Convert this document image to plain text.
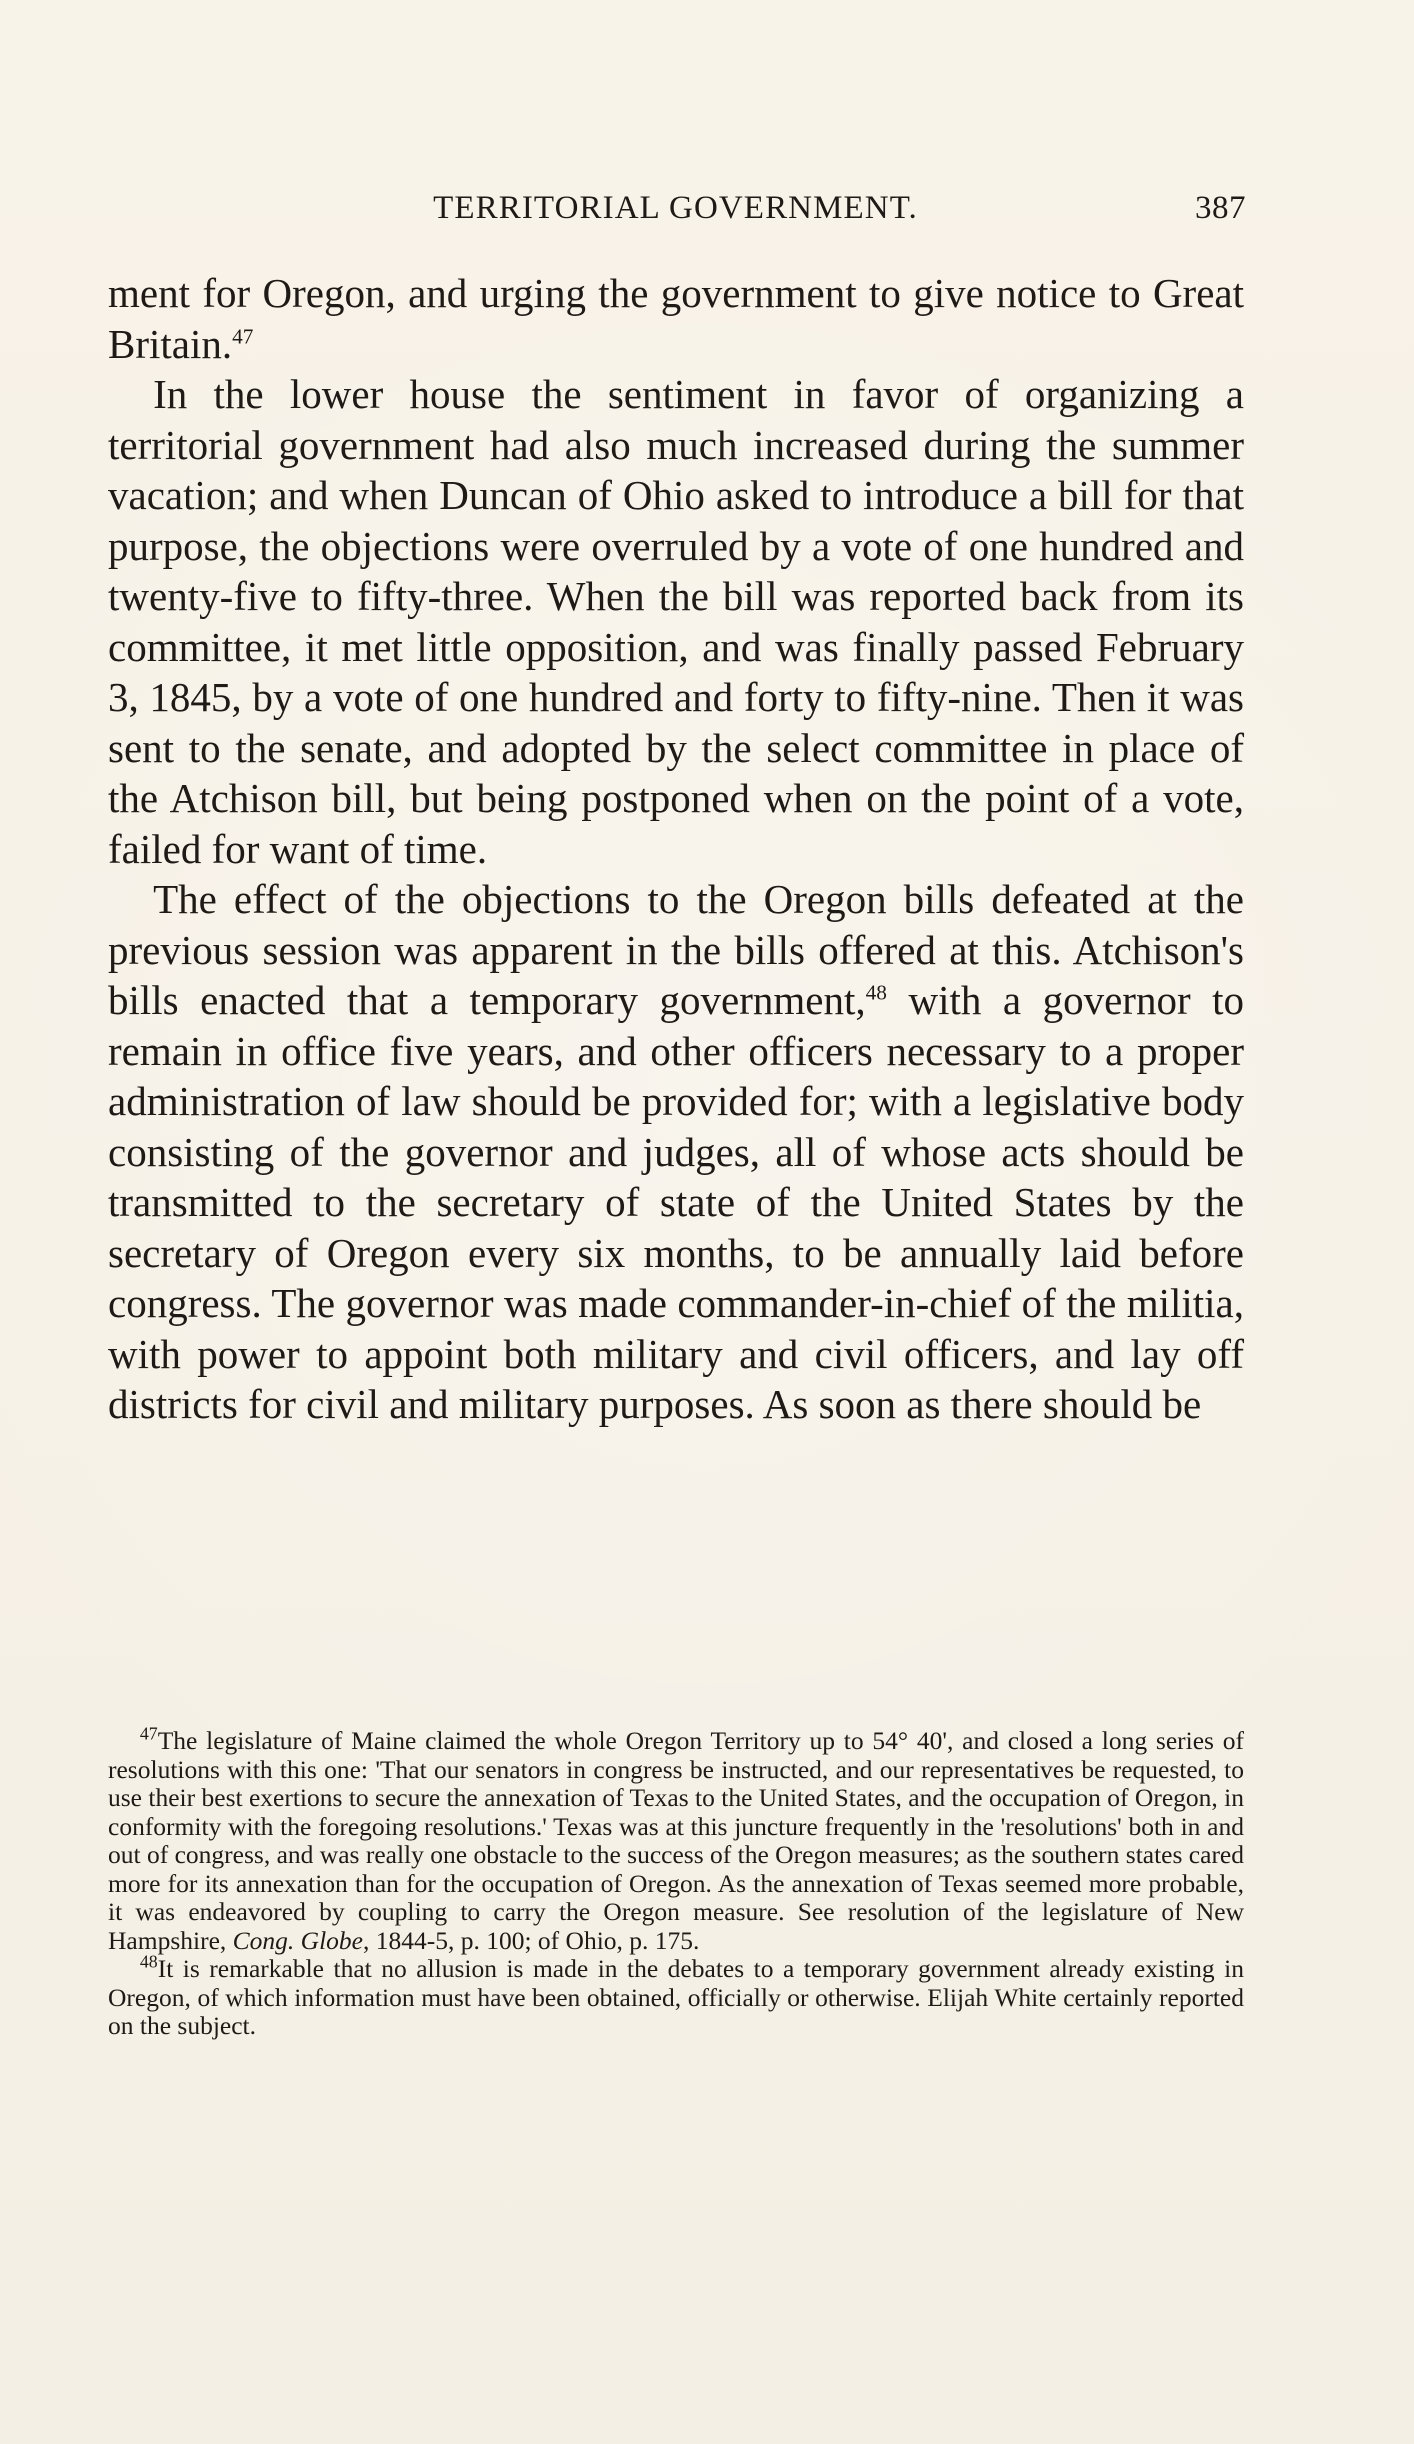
TERRITORIAL GOVERNMENT.	387

ment for Oregon, and urging the government to give notice to Great Britain.$^{47}$

In the lower house the sentiment in favor of organizing a territorial government had also much increased during the summer vacation; and when Duncan of Ohio asked to introduce a bill for that purpose, the objections were overruled by a vote of one hundred and twenty-five to fifty-three. When the bill was reported back from its committee, it met little opposition, and was finally passed February 3, 1845, by a vote of one hundred and forty to fifty-nine. Then it was sent to the senate, and adopted by the select committee in place of the Atchison bill, but being postponed when on the point of a vote, failed for want of time.

The effect of the objections to the Oregon bills defeated at the previous session was apparent in the bills offered at this. Atchison's bills enacted that a temporary government,$^{48}$ with a governor to remain in office five years, and other officers necessary to a proper administration of law should be provided for; with a legislative body consisting of the governor and judges, all of whose acts should be transmitted to the secretary of state of the United States by the secretary of Oregon every six months, to be annually laid before congress. The governor was made commander-in-chief of the militia, with power to appoint both military and civil officers, and lay off districts for civil and military purposes. As soon as there should be

$^{47}$The legislature of Maine claimed the whole Oregon Territory up to 54° 40', and closed a long series of resolutions with this one: 'That our senators in congress be instructed, and our representatives be requested, to use their best exertions to secure the annexation of Texas to the United States, and the occupation of Oregon, in conformity with the foregoing resolutions.' Texas was at this juncture frequently in the 'resolutions' both in and out of congress, and was really one obstacle to the success of the Oregon measures; as the southern states cared more for its annexation than for the occupation of Oregon. As the annexation of Texas seemed more probable, it was endeavored by coupling to carry the Oregon measure. See resolution of the legislature of New Hampshire, Cong. Globe, 1844-5, p. 100; of Ohio, p. 175.

$^{48}$It is remarkable that no allusion is made in the debates to a temporary government already existing in Oregon, of which information must have been obtained, officially or otherwise. Elijah White certainly reported on the subject.
